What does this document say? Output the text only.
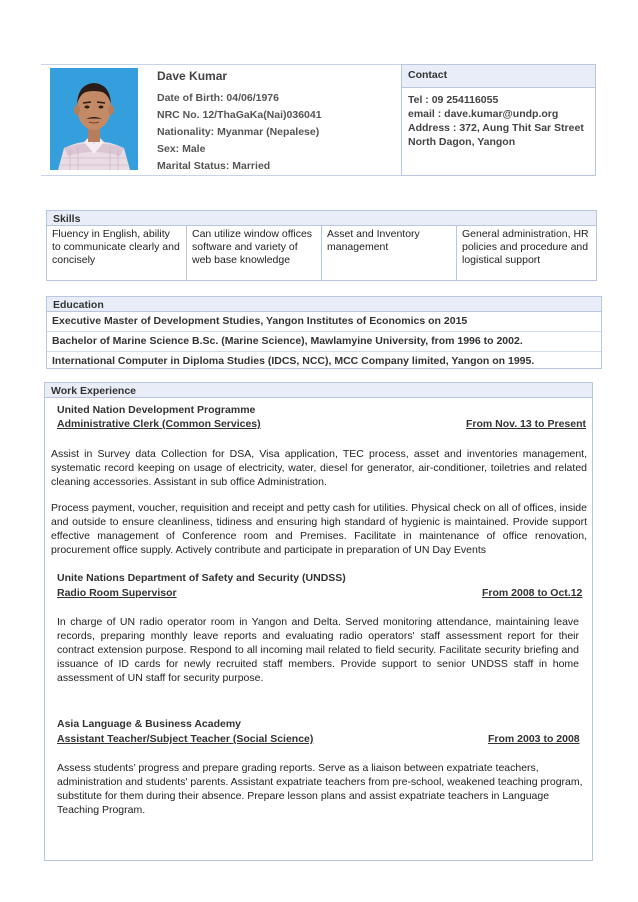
Dave Kumar
Date of Birth: 04/06/1976
NRC No. 12/ThaGaKa(Nai)036041
Nationality: Myanmar (Nepalese)
Sex: Male
Marital Status: Married
Contact
Tel : 09 254116055
email : dave.kumar@undp.org
Address : 372, Aung Thit Sar Street
North Dagon, Yangon
Skills
Fluency in English, ability to communicate clearly and concisely
Can utilize window offices software and variety of web base knowledge
Asset and Inventory management
General administration, HR policies and procedure and logistical support
Education
Executive Master of Development Studies, Yangon Institutes of Economics on 2015
Bachelor of Marine Science B.Sc. (Marine Science), Mawlamyine University, from 1996 to 2002.
International Computer in Diploma Studies (IDCS, NCC), MCC Company limited, Yangon on 1995.
Work Experience
United Nation Development Programme
Administrative Clerk (Common Services)	From Nov. 13 to Present
Assist in Survey data Collection for DSA, Visa application, TEC process, asset and inventories management, systematic record keeping on usage of electricity, water, diesel for generator, air-conditioner, toiletries and related cleaning accessories. Assistant in sub office Administration.
Process payment, voucher, requisition and receipt and petty cash for utilities. Physical check on all of offices, inside and outside to ensure cleanliness, tidiness and ensuring high standard of hygienic is maintained. Provide support effective management of Conference room and Premises. Facilitate in maintenance of office renovation, procurement office supply. Actively contribute and participate in preparation of UN Day Events
Unite Nations Department of Safety and Security (UNDSS)
Radio Room Supervisor	From 2008 to Oct.12
In charge of UN radio operator room in Yangon and Delta. Served monitoring attendance, maintaining leave records, preparing monthly leave reports and evaluating radio operators' staff assessment report for their contract extension purpose. Respond to all incoming mail related to field security. Facilitate security briefing and issuance of ID cards for newly recruited staff members. Provide support to senior UNDSS staff in home assessment of UN staff for security purpose.
Asia Language & Business Academy
Assistant Teacher/Subject Teacher (Social Science)	From 2003 to 2008
Assess students’ progress and prepare grading reports. Serve as a liaison between expatriate teachers, administration and students' parents. Assistant expatriate teachers from pre-school, weakened teaching program, substitute for them during their absence. Prepare lesson plans and assist expatriate teachers in Language Teaching Program.
